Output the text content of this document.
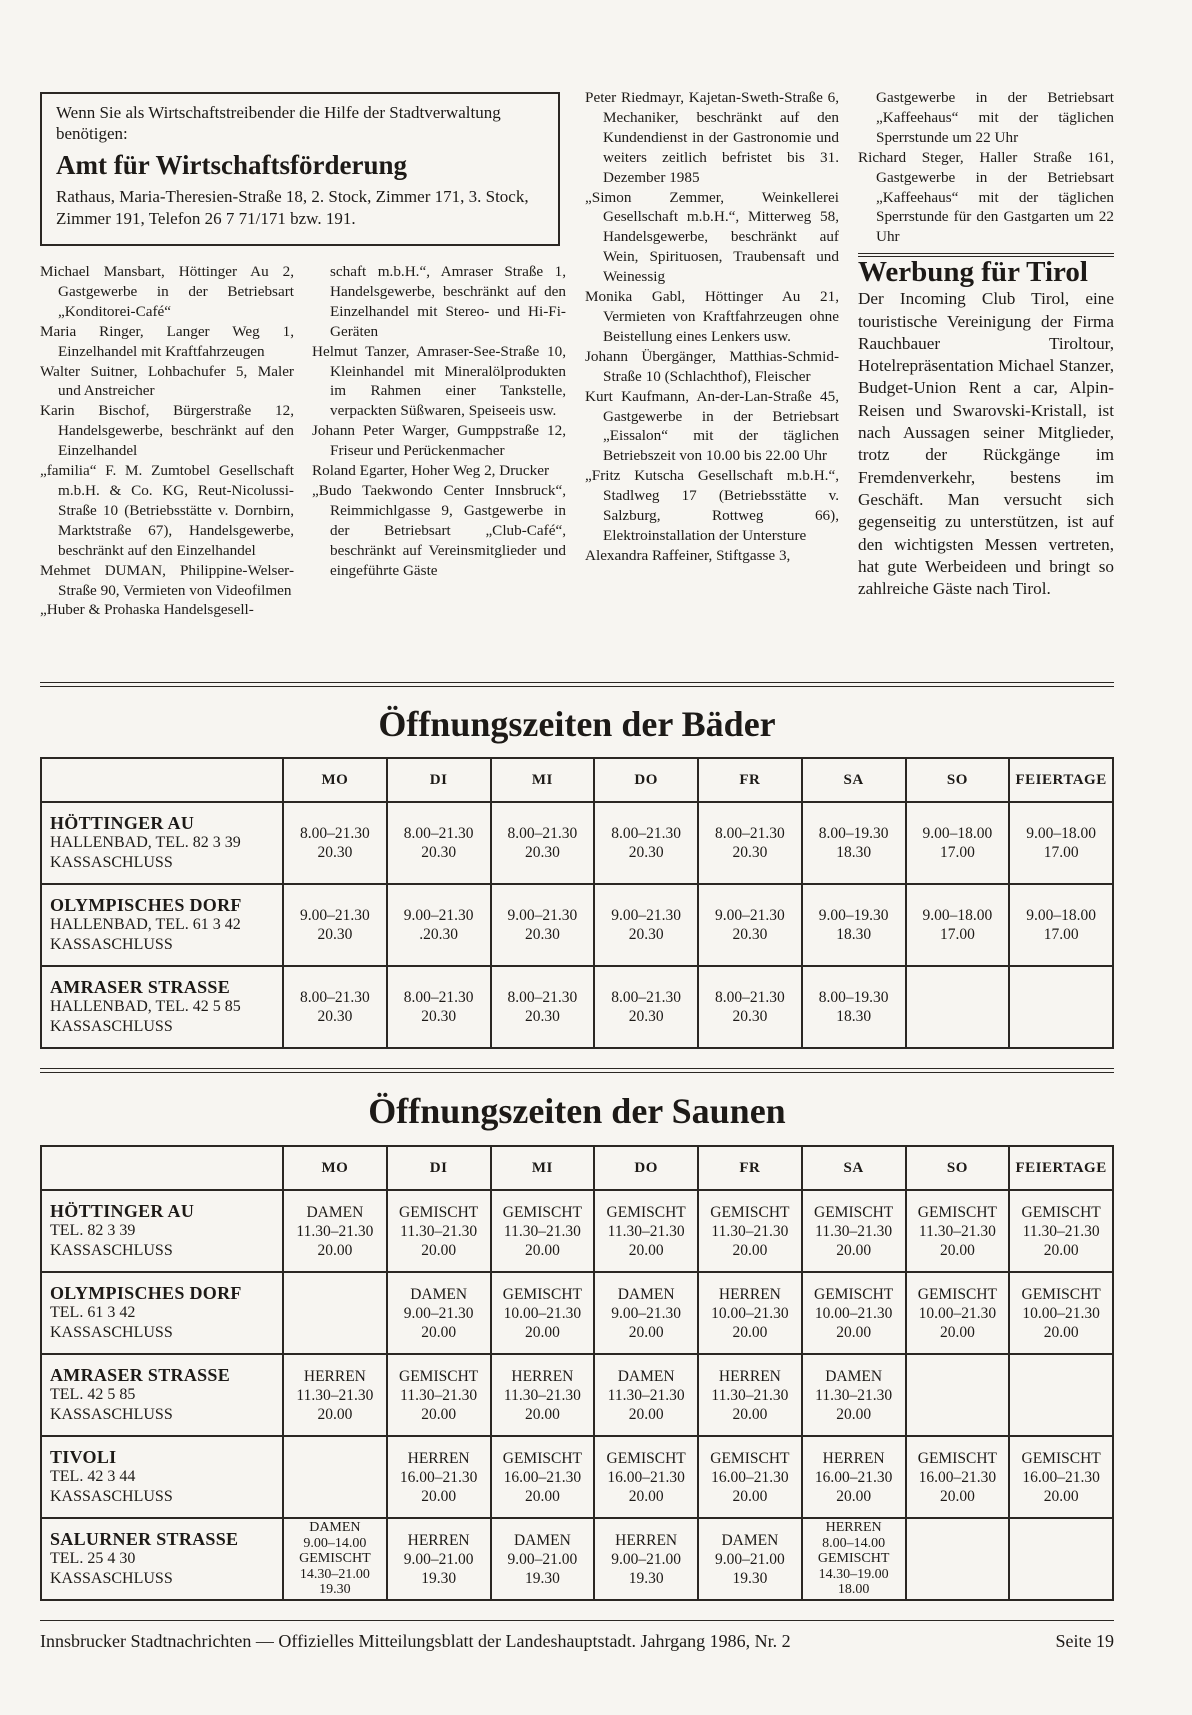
Wenn Sie als Wirtschaftstreibender die Hilfe der Stadtverwaltung benötigen:

Amt für Wirtschaftsförderung

Rathaus, Maria-Theresien-Straße 18, 2. Stock, Zimmer 171, 3. Stock, Zimmer 191, Telefon 26 7 71/171 bzw. 191.

Michael Mansbart, Höttinger Au 2, Gastgewerbe in der Betriebsart „Konditorei-Café“

Maria Ringer, Langer Weg 1, Einzelhandel mit Kraftfahrzeugen

Walter Suitner, Lohbachufer 5, Maler und Anstreicher

Karin Bischof, Bürgerstraße 12, Handelsgewerbe, beschränkt auf den Einzelhandel

„familia“ F. M. Zumtobel Gesellschaft m.b.H. & Co. KG, Reut-Nicolussi-Straße 10 (Betriebsstätte v. Dornbirn, Marktstraße 67), Handelsgewerbe, beschränkt auf den Einzelhandel

Mehmet DUMAN, Philippine-Welser-Straße 90, Vermieten von Videofilmen

„Huber & Prohaska Handelsgesell-

schaft m.b.H.“, Amraser Straße 1, Handelsgewerbe, beschränkt auf den Einzelhandel mit Stereo- und Hi-Fi-Geräten

Helmut Tanzer, Amraser-See-Straße 10, Kleinhandel mit Mineralölprodukten im Rahmen einer Tankstelle, verpackten Süßwaren, Speiseeis usw.

Johann Peter Warger, Gumppstraße 12, Friseur und Perückenmacher

Roland Egarter, Hoher Weg 2, Drucker

„Budo Taekwondo Center Innsbruck“, Reimmichlgasse 9, Gastgewerbe in der Betriebsart „Club-Café“, beschränkt auf Vereinsmitglieder und eingeführte Gäste

Peter Riedmayr, Kajetan-Sweth-Straße 6, Mechaniker, beschränkt auf den Kundendienst in der Gastronomie und weiters zeitlich befristet bis 31. Dezember 1985

„Simon Zemmer, Weinkellerei Gesellschaft m.b.H.“, Mitterweg 58, Handelsgewerbe, beschränkt auf Wein, Spirituosen, Traubensaft und Weinessig

Monika Gabl, Höttinger Au 21, Vermieten von Kraftfahrzeugen ohne Beistellung eines Lenkers usw.

Johann Übergänger, Matthias-Schmid-Straße 10 (Schlachthof), Fleischer

Kurt Kaufmann, An-der-Lan-Straße 45, Gastgewerbe in der Betriebsart „Eissalon“ mit der täglichen Betriebszeit von 10.00 bis 22.00 Uhr

„Fritz Kutscha Gesellschaft m.b.H.“, Stadlweg 17 (Betriebsstätte v. Salzburg, Rottweg 66), Elektroinstallation der Untersture

Alexandra Raffeiner, Stiftgasse 3,

Gastgewerbe in der Betriebsart „Kaffeehaus“ mit der täglichen Sperrstunde um 22 Uhr

Richard Steger, Haller Straße 161, Gastgewerbe in der Betriebsart „Kaffeehaus“ mit der täglichen Sperrstunde für den Gastgarten um 22 Uhr

Werbung für Tirol

Der Incoming Club Tirol, eine touristische Vereinigung der Firma Rauchbauer Tiroltour, Hotelrepräsentation Michael Stanzer, Budget-Union Rent a car, Alpin-Reisen und Swarovski-Kristall, ist nach Aussagen seiner Mitglieder, trotz der Rückgänge im Fremdenverkehr, bestens im Geschäft. Man versucht sich gegenseitig zu unterstützen, ist auf den wichtigsten Messen vertreten, hat gute Werbeideen und bringt so zahlreiche Gäste nach Tirol.

Öffnungszeiten der Bäder
	MO	DI	MI	DO	FR	SA	SO	FEIERTAGE

HÖTTINGER AU
HALLENBAD, TEL. 82 3 39
KASSASCHLUSS	8.00–21.30
20.30	8.00–21.30
20.30	8.00–21.30
20.30	8.00–21.30
20.30	8.00–21.30
20.30	8.00–19.30
18.30	9.00–18.00
17.00	9.00–18.00
17.00

OLYMPISCHES DORF
HALLENBAD, TEL. 61 3 42
KASSASCHLUSS	9.00–21.30
20.30	9.00–21.30
.20.30	9.00–21.30
20.30	9.00–21.30
20.30	9.00–21.30
20.30	9.00–19.30
18.30	9.00–18.00
17.00	9.00–18.00
17.00

AMRASER STRASSE
HALLENBAD, TEL. 42 5 85
KASSASCHLUSS	8.00–21.30
20.30	8.00–21.30
20.30	8.00–21.30
20.30	8.00–21.30
20.30	8.00–21.30
20.30	8.00–19.30
18.30		

Öffnungszeiten der Saunen
	MO	DI	MI	DO	FR	SA	SO	FEIERTAGE

HÖTTINGER AU
TEL. 82 3 39
KASSASCHLUSS	DAMEN
11.30–21.30
20.00	GEMISCHT
11.30–21.30
20.00	GEMISCHT
11.30–21.30
20.00	GEMISCHT
11.30–21.30
20.00	GEMISCHT
11.30–21.30
20.00	GEMISCHT
11.30–21.30
20.00	GEMISCHT
11.30–21.30
20.00	GEMISCHT
11.30–21.30
20.00

OLYMPISCHES DORF
TEL. 61 3 42
KASSASCHLUSS		DAMEN
9.00–21.30
20.00	GEMISCHT
10.00–21.30
20.00	DAMEN
9.00–21.30
20.00	HERREN
10.00–21.30
20.00	GEMISCHT
10.00–21.30
20.00	GEMISCHT
10.00–21.30
20.00	GEMISCHT
10.00–21.30
20.00

AMRASER STRASSE
TEL. 42 5 85
KASSASCHLUSS	HERREN
11.30–21.30
20.00	GEMISCHT
11.30–21.30
20.00	HERREN
11.30–21.30
20.00	DAMEN
11.30–21.30
20.00	HERREN
11.30–21.30
20.00	DAMEN
11.30–21.30
20.00		

TIVOLI
TEL. 42 3 44
KASSASCHLUSS		HERREN
16.00–21.30
20.00	GEMISCHT
16.00–21.30
20.00	GEMISCHT
16.00–21.30
20.00	GEMISCHT
16.00–21.30
20.00	HERREN
16.00–21.30
20.00	GEMISCHT
16.00–21.30
20.00	GEMISCHT
16.00–21.30
20.00

SALURNER STRASSE
TEL. 25 4 30
KASSASCHLUSS	DAMEN
9.00–14.00
GEMISCHT
14.30–21.00
19.30	HERREN
9.00–21.00
19.30	DAMEN
9.00–21.00
19.30	HERREN
9.00–21.00
19.30	DAMEN
9.00–21.00
19.30	HERREN
8.00–14.00
GEMISCHT
14.30–19.00
18.00		

Innsbrucker Stadtnachrichten — Offizielles Mitteilungsblatt der Landeshauptstadt. Jahrgang 1986, Nr. 2	Seite 19
